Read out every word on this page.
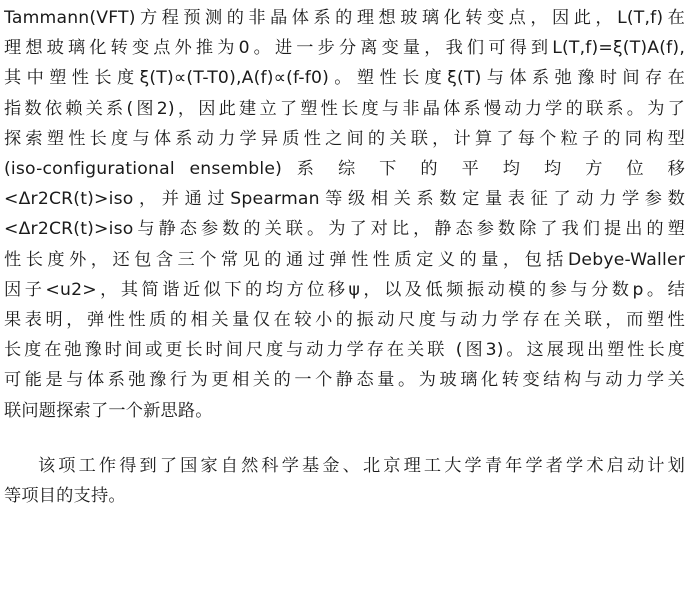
Tammann(VFT)方程预测的非晶体系的理想玻璃化转变点，因此，L(T,f)在
理想玻璃化转变点外推为0。进一步分离变量，我们可得到L(T,f)=ξ(T)A(f),
其中塑性长度ξ(T)∝(T-T0),A(f)∝(f-f0)。塑性长度ξ(T)与体系弛豫时间存在
指数依赖关系(图2)，因此建立了塑性长度与非晶体系慢动力学的联系。为了
探索塑性长度与体系动力学异质性之间的关联，计算了每个粒子的同构型
(iso-configurational ensemble) 系 综 下 的 平 均 均 方 位 移
<Δr2CR(t)>iso，并通过Spearman等级相关系数定量表征了动力学参数
<Δr2CR(t)>iso与静态参数的关联。为了对比，静态参数除了我们提出的塑
性长度外，还包含三个常见的通过弹性性质定义的量，包括Debye-Waller
因子<u2>，其简谐近似下的均方位移ψ，以及低频振动模的参与分数p。结
果表明，弹性性质的相关量仅在较小的振动尺度与动力学存在关联，而塑性
长度在弛豫时间或更长时间尺度与动力学存在关联 (图3)。这展现出塑性长度
可能是与体系弛豫行为更相关的一个静态量。为玻璃化转变结构与动力学关
联问题探索了一个新思路。

该项工作得到了国家自然科学基金、北京理工大学青年学者学术启动计划
等项目的支持。
